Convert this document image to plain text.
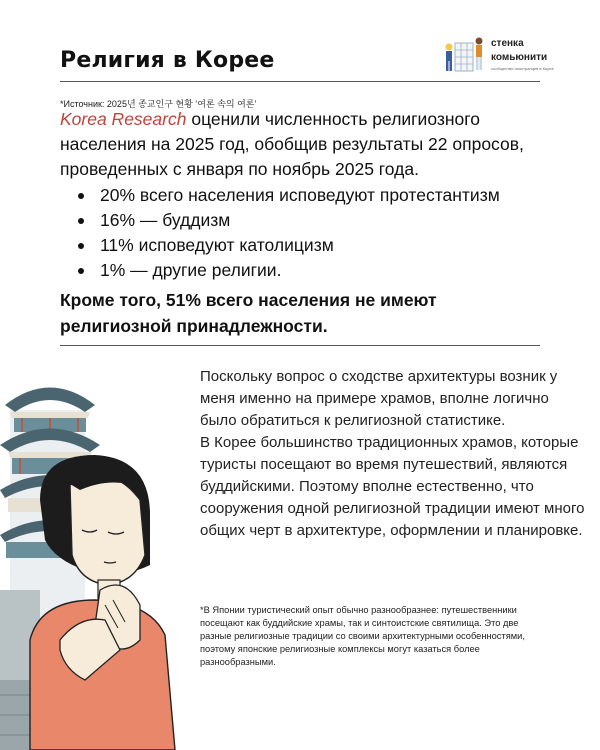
Религия в Корее
стенка
комьюнити
сообщество иностранцев в Корее
*Источник: 2025년 종교인구 현황 ‘여론 속의 여론’
Korea Research оценили численность религиозного населения на 2025 год, обобщив результаты 22 опросов, проведенных с января по ноябрь 2025 года.
20% всего населения исповедуют протестантизм
16% — буддизм
11% исповедуют католицизм
1% — другие религии.
Кроме того, 51% всего населения не имеют религиозной принадлежности.

Поскольку вопрос о сходстве архитектуры возник у меня именно на примере храмов, вполне логично было обратиться к религиозной статистике.

В Корее большинство традиционных храмов, которые туристы посещают во время путешествий, являются буддийскими. Поэтому вполне естественно, что сооружения одной религиозной традиции имеют много общих черт в архитектуре, оформлении и планировке.

*В Японии туристический опыт обычно разнообразнее: путешественники посещают как буддийские храмы, так и синтоистские святилища. Это две разные религиозные традиции со своими архитектурными особенностями, поэтому японские религиозные комплексы могут казаться более разнообразными.
